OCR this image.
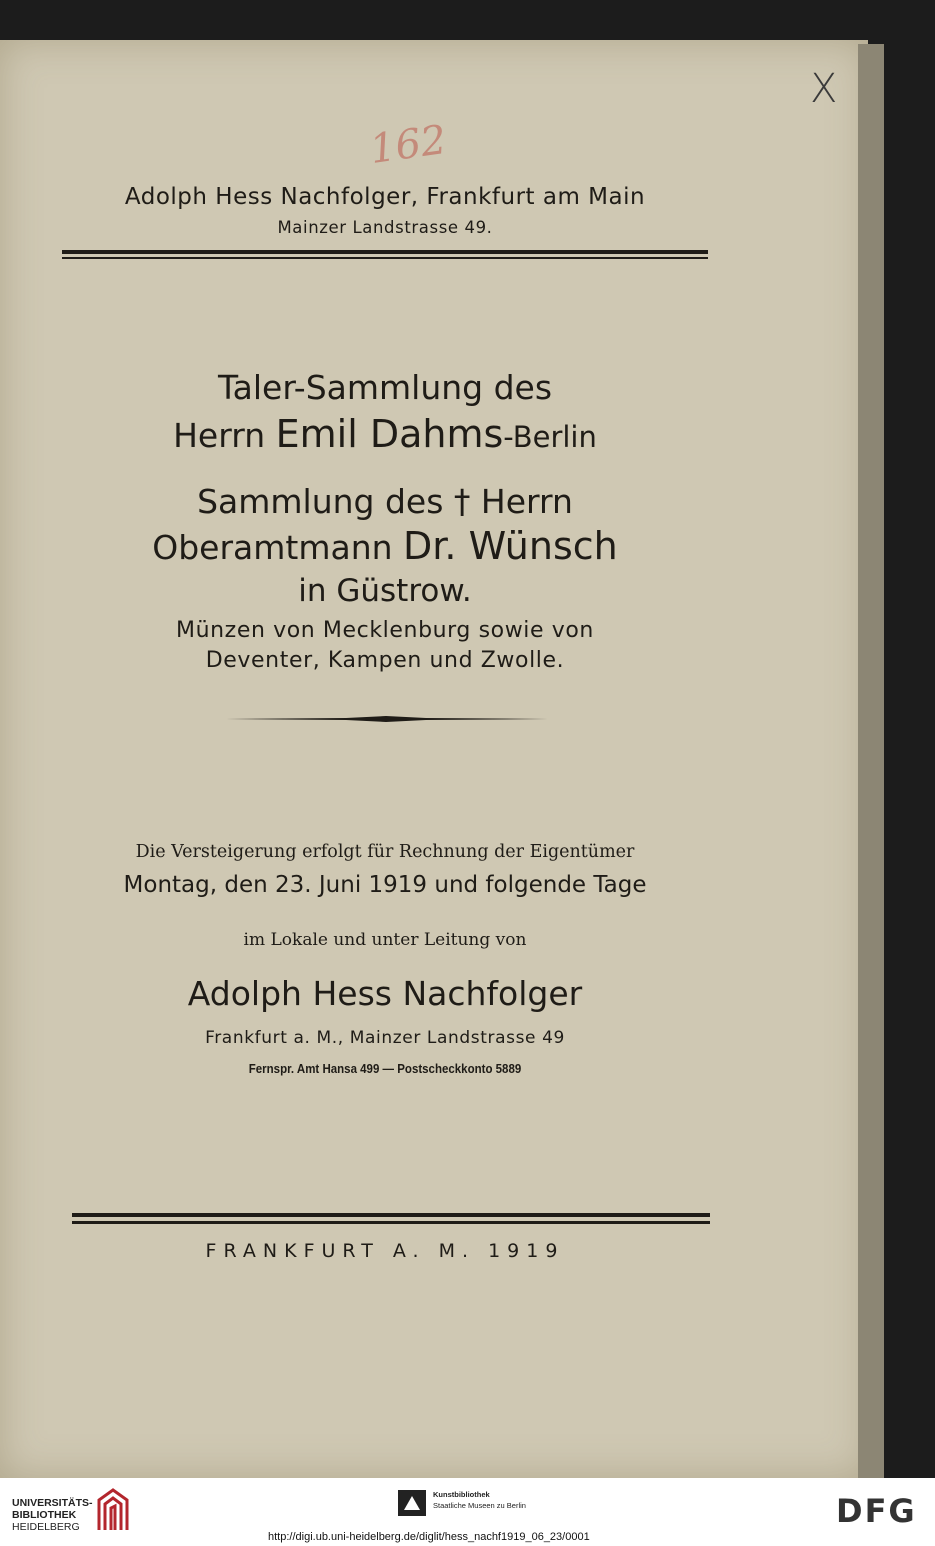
162
X
Adolph Hess Nachfolger, Frankfurt am Main
Mainzer Landstrasse 49.
Taler-Sammlung des
Herrn Emil Dahms-Berlin
Sammlung des † Herrn
Oberamtmann Dr. Wünsch
in Güstrow.
Münzen von Mecklenburg sowie von
Deventer, Kampen und Zwolle.
Die Versteigerung erfolgt für Rechnung der Eigentümer
Montag, den 23. Juni 1919 und folgende Tage
im Lokale und unter Leitung von
Adolph Hess Nachfolger
Frankfurt a. M., Mainzer Landstrasse 49
Fernspr. Amt Hansa 499 — Postscheckkonto 5889
FRANKFURT A. M. 1919
UNIVERSITÄTS-
BIBLIOTHEK
HEIDELBERG
Kunstbibliothek
Staatliche Museen zu Berlin	DFG
http://digi.ub.uni-heidelberg.de/diglit/hess_nachf1919_06_23/0001
